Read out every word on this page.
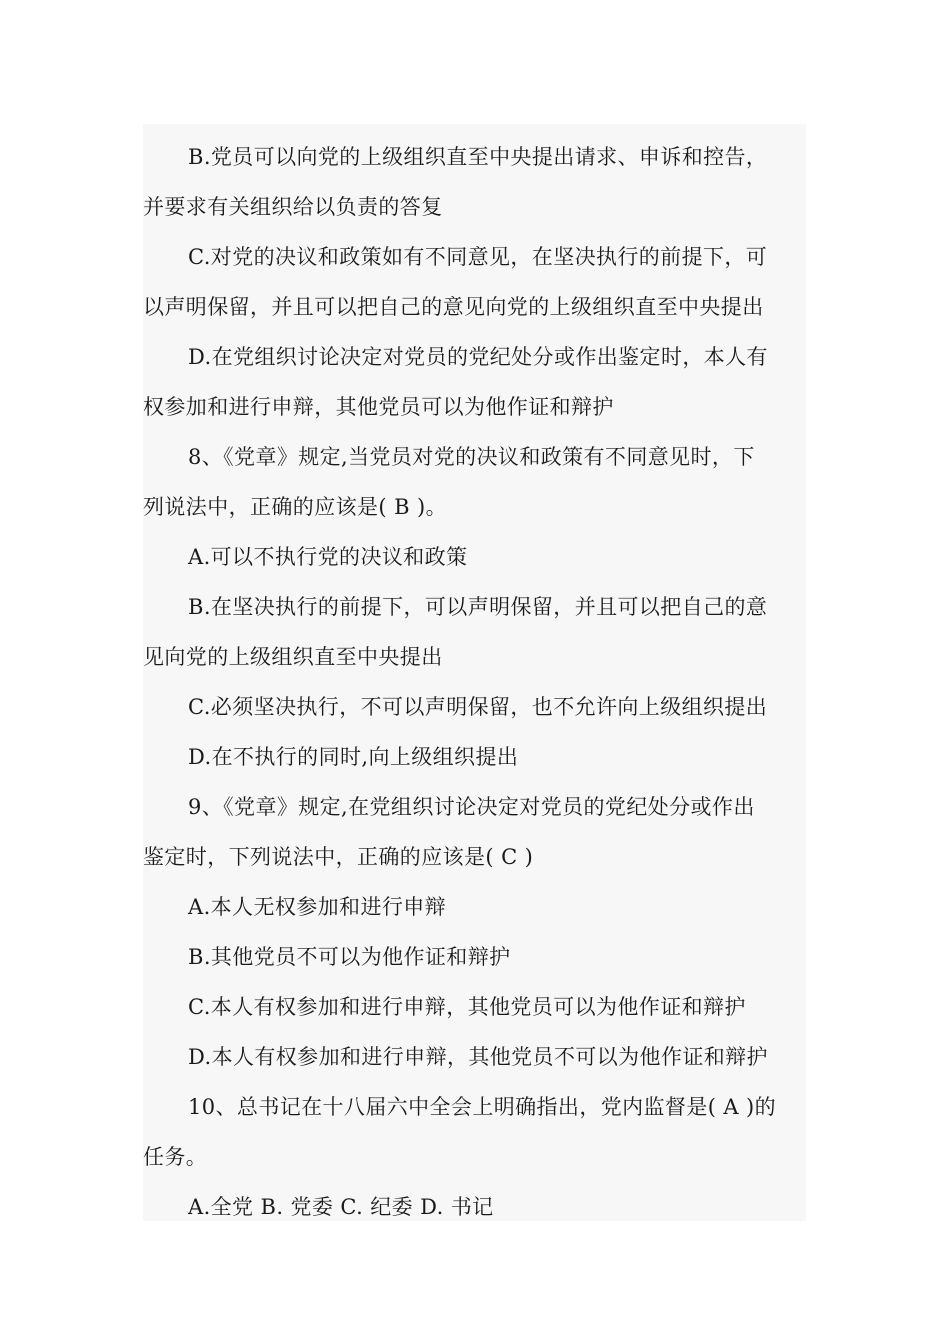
B.党员可以向党的上级组织直至中央提出请求、申诉和控告，
并要求有关组织给以负责的答复
C.对党的决议和政策如有不同意见，在坚决执行的前提下，可
以声明保留，并且可以把自己的意见向党的上级组织直至中央提出
D.在党组织讨论决定对党员的党纪处分或作出鉴定时，本人有
权参加和进行申辩，其他党员可以为他作证和辩护
8、《党章》规定,当党员对党的决议和政策有不同意见时，下
列说法中，正确的应该是( B )。
A.可以不执行党的决议和政策
B.在坚决执行的前提下，可以声明保留，并且可以把自己的意
见向党的上级组织直至中央提出
C.必须坚决执行，不可以声明保留，也不允许向上级组织提出
D.在不执行的同时,向上级组织提出
9、《党章》规定,在党组织讨论决定对党员的党纪处分或作出
鉴定时，下列说法中，正确的应该是( C )
A.本人无权参加和进行申辩
B.其他党员不可以为他作证和辩护
C.本人有权参加和进行申辩，其他党员可以为他作证和辩护
D.本人有权参加和进行申辩，其他党员不可以为他作证和辩护
10、总书记在十八届六中全会上明确指出，党内监督是( A )的
任务。
A.全党 B. 党委 C. 纪委 D. 书记
